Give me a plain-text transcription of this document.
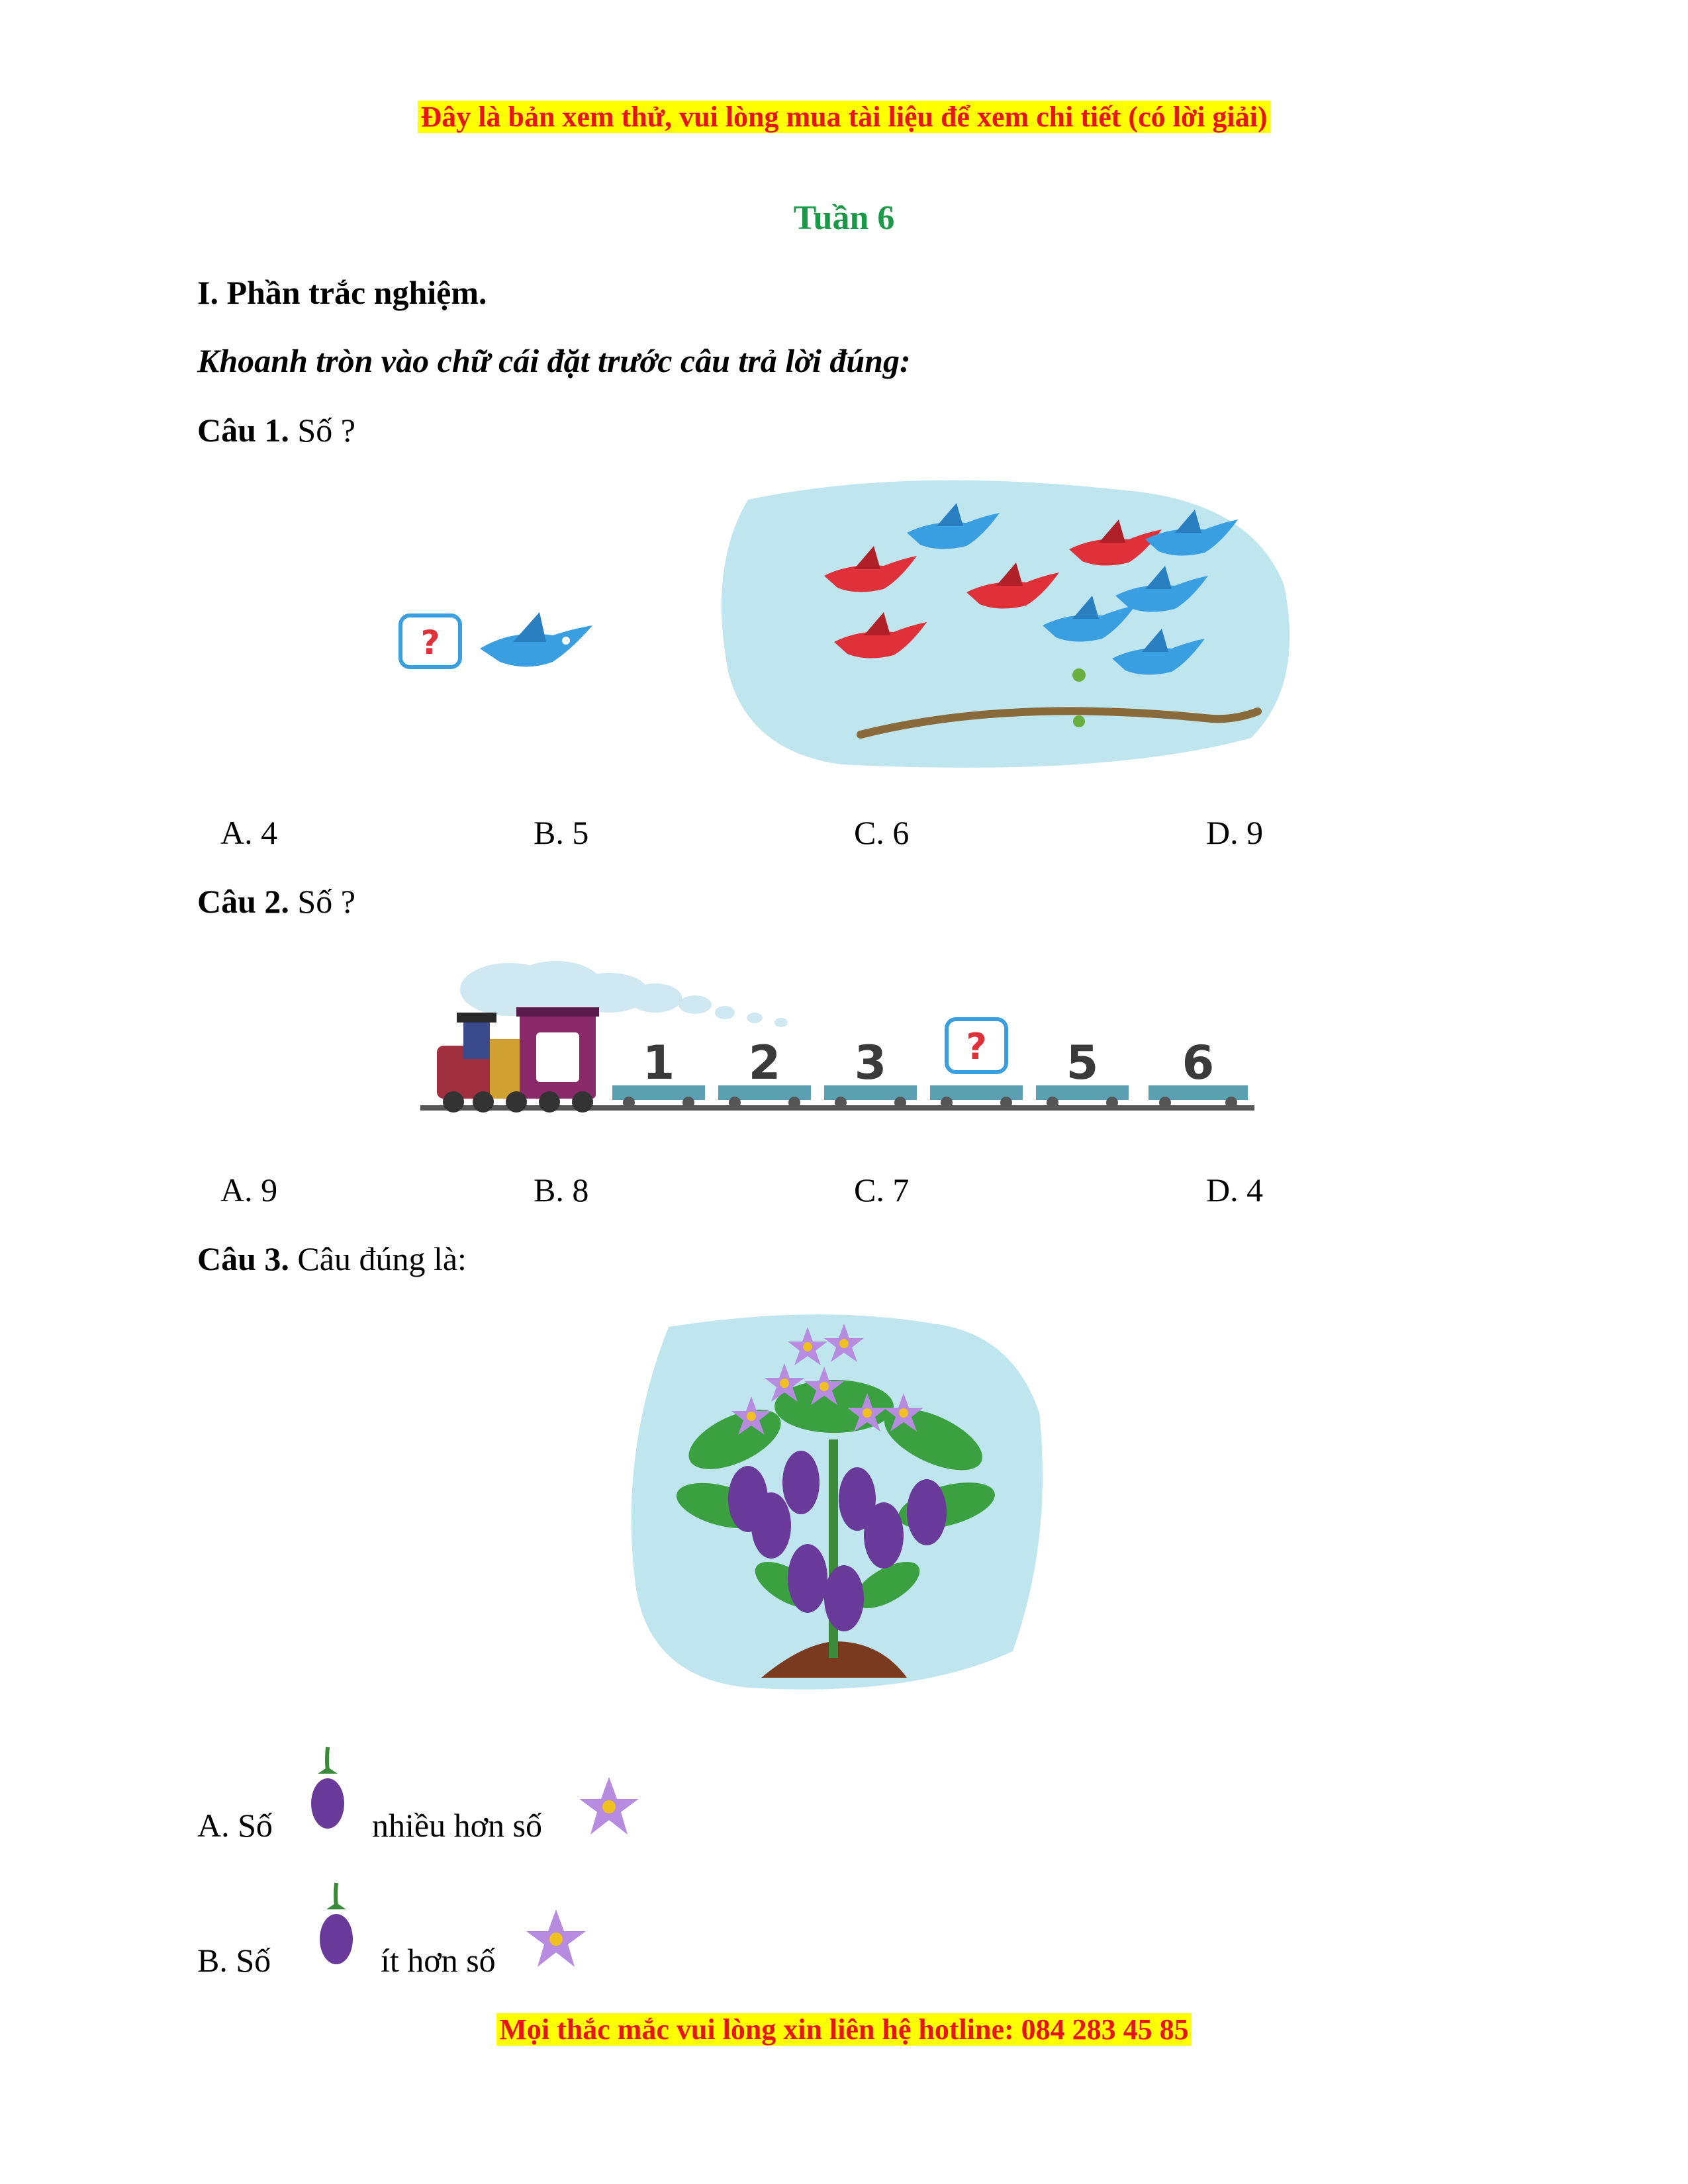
Đây là bản xem thử, vui lòng mua tài liệu để xem chi tiết (có lời giải)
Tuần 6
I. Phần trắc nghiệm.
Khoanh tròn vào chữ cái đặt trước câu trả lời đúng:
Câu 1. Số ?
?
A. 4	B. 5	C. 6	D. 9
Câu 2. Số ?
1 2 3 ? 5 6
A. 9	B. 8	C. 7	D. 4
Câu 3. Câu đúng là:
A. Số	nhiều hơn số
B. Số	ít hơn số
Mọi thắc mắc vui lòng xin liên hệ hotline: 084 283 45 85
